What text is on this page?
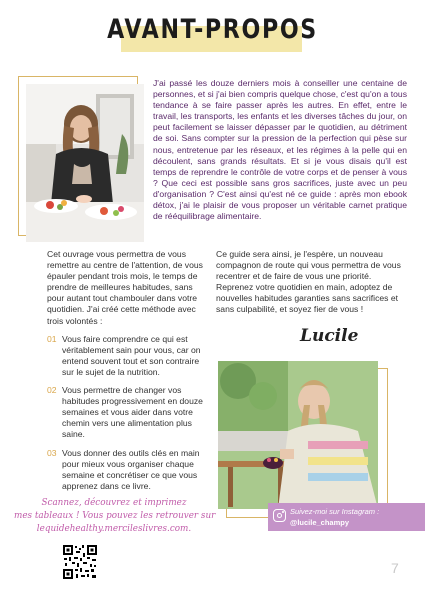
AVANT-PROPOS
J'ai passé les douze derniers mois à conseiller une centaine de personnes, et si j'ai bien compris quelque chose, c'est qu'on a tous tendance à se faire passer après les autres. En effet, entre le travail, les transports, les enfants et les diverses tâches du jour, on peut facilement se laisser dépasser par le quotidien, au détriment de soi. Sans compter sur la pression de la perfection qui pèse sur nous, entretenue par les réseaux, et les régimes à la pelle qui en découlent, sans grands résultats. Et si je vous disais qu'il est temps de reprendre le contrôle de votre corps et de penser à vous ? Que ceci est possible sans gros sacrifices, juste avec un peu d'organisation ? C'est ainsi qu'est né ce guide : après mon ebook détox, j'ai le plaisir de vous proposer un véritable carnet pratique de rééquilibrage alimentaire.

Cet ouvrage vous permettra de vous remettre au centre de l'attention, de vous épauler pendant trois mois, le temps de prendre de meilleures habitudes, sans pour autant tout chambouler dans votre quotidien. J'ai créé cette méthode avec trois volontés :

01 Vous faire comprendre ce qui est véritablement sain pour vous, car on entend souvent tout et son contraire sur le sujet de la nutrition.
02 Vous permettre de changer vos habitudes progressivement en douze semaines et vous aider dans votre chemin vers une alimentation plus saine.
03 Vous donner des outils clés en main pour mieux vous organiser chaque semaine et concrétiser ce que vous apprenez dans ce livre.

Ce guide sera ainsi, je l'espère, un nouveau compagnon de route qui vous permettra de vous recentrer et de faire de vous une priorité.

Reprenez votre quotidien en main, adoptez de nouvelles habitudes garanties sans sacrifices et sans culpabilité, et soyez fier de vous !

Lucile
Suivez-moi sur Instagram :
@lucile_champy
Scannez, découvrez et imprimez
mes tableaux ! Vous pouvez les retrouver sur
lequidehealthy.mercileslivres.com.
7
